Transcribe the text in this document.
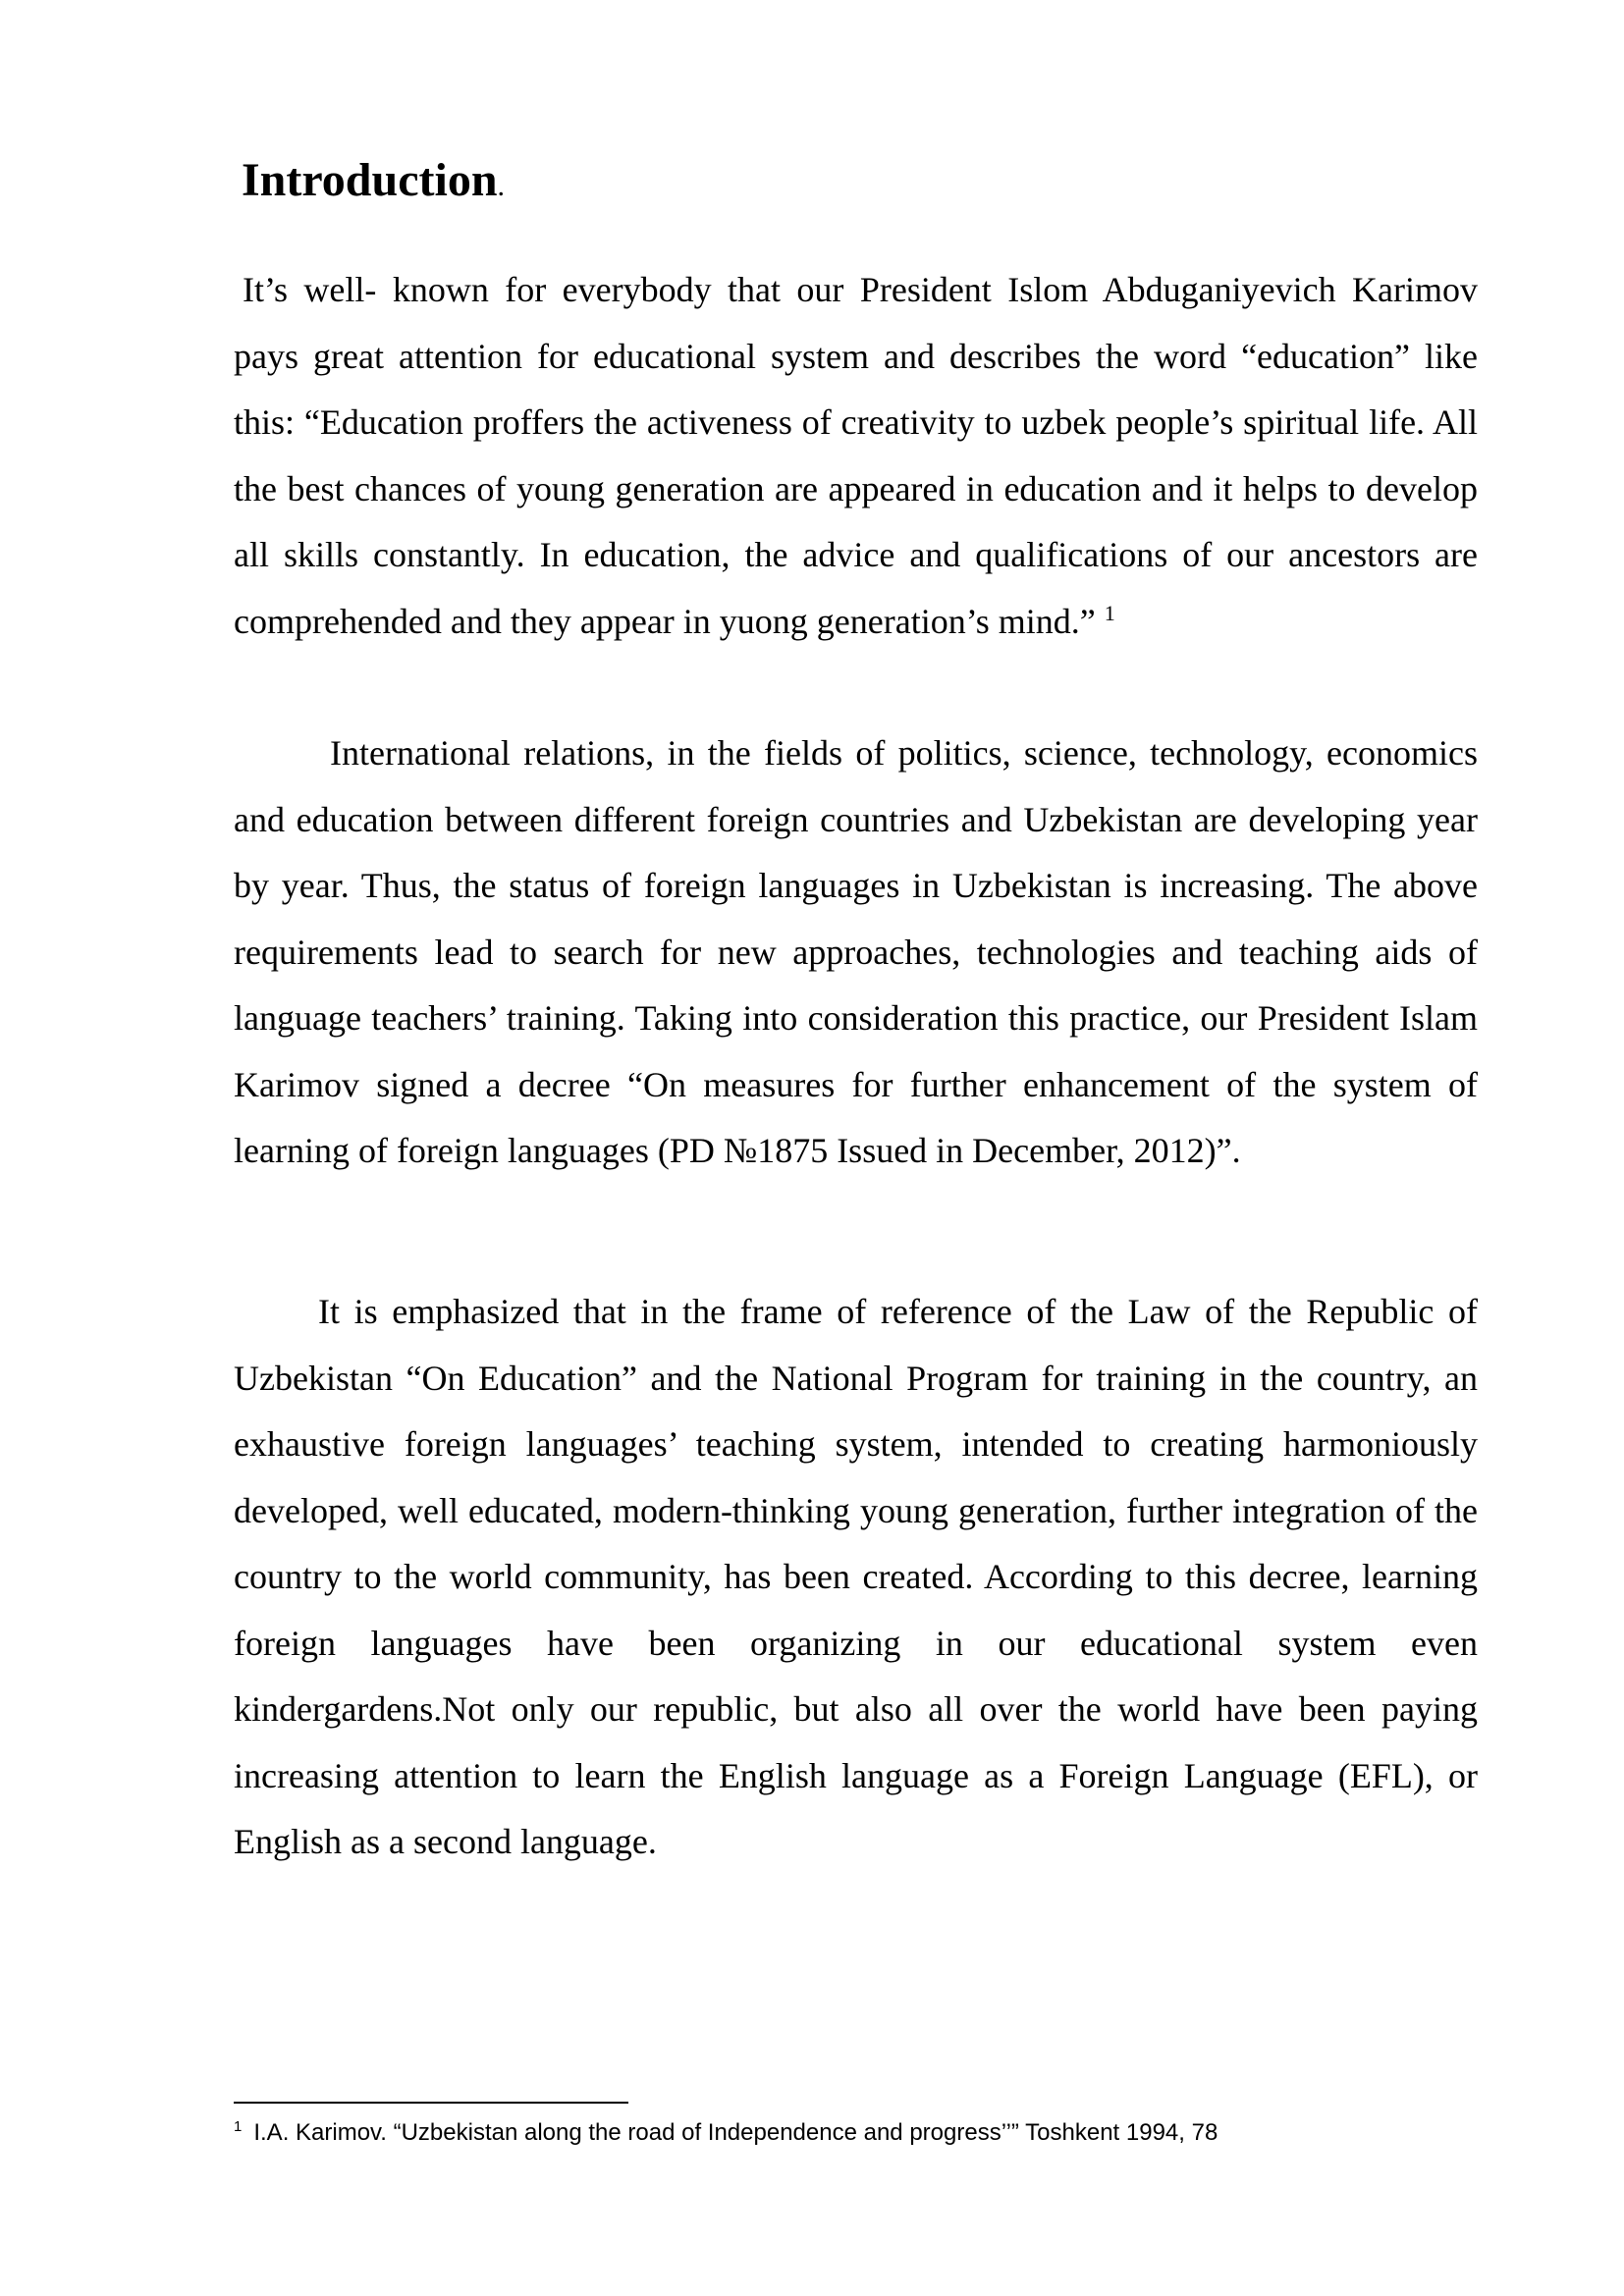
Introduction.

It’s well- known for everybody that our President Islom Abduganiyevich Karimov pays great attention for educational system and describes the word “education” like this: “Education proffers the activeness of creativity to uzbek people’s spiritual life. All the best chances of young generation are appeared in education and it helps to develop all skills constantly. In education, the advice and qualifications of our ancestors are comprehended and they appear in yuong generation’s mind.” $^1$

International relations, in the fields of politics, science, technology, economics and education between different foreign countries and Uzbekistan are developing year by year. Thus, the status of foreign languages in Uzbekistan is increasing. The above requirements lead to search for new approaches, technologies and teaching aids of language teachers’ training. Taking into consideration this practice, our President Islam Karimov signed a decree “On measures for further enhancement of the system of learning of foreign languages (PD №1875 Issued in December, 2012)”.

It is emphasized that in the frame of reference of the Law of the Republic of Uzbekistan “On Education” and the National Program for training in the country, an exhaustive foreign languages’ teaching system, intended to creating harmoniously developed, well educated, modern-thinking young generation, further integration of the country to the world community, has been created. According to this decree, learning foreign languages have been organizing in our educational system even kindergardens.Not only our republic, but also all over the world have been paying increasing attention to learn the English language as a Foreign Language (EFL), or English as a second language.

$^1$ I.A. Karimov. “Uzbekistan along the road of Independence and progress’’” Toshkent 1994, 78
